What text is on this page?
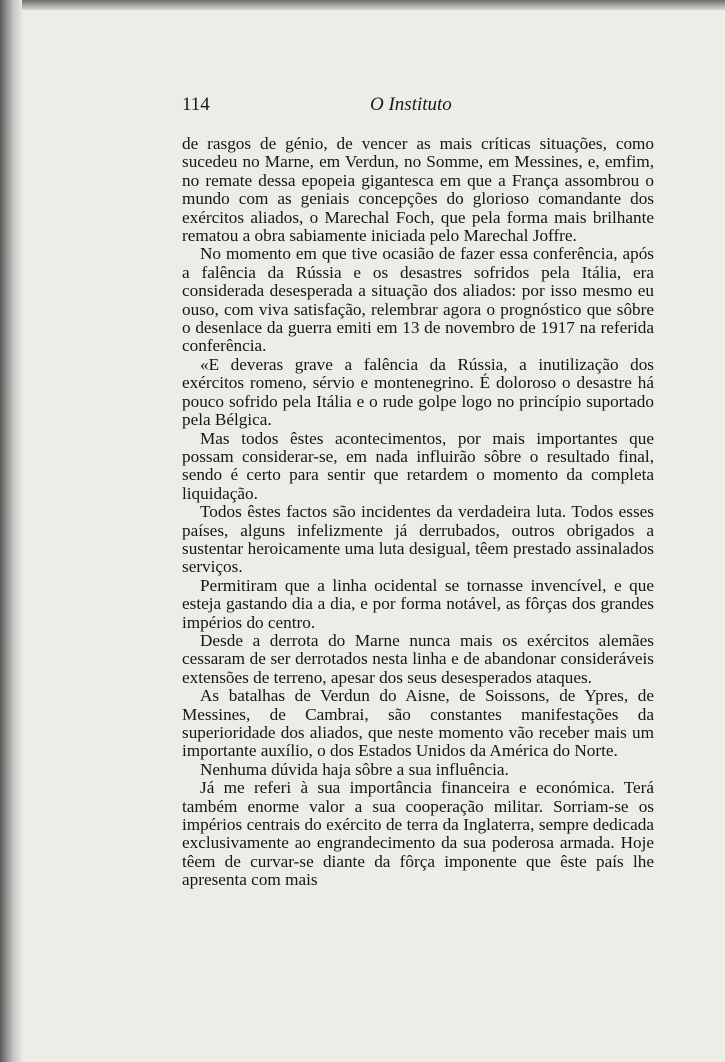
114	O Instituto

de rasgos de génio, de vencer as mais críticas situações, como sucedeu no Marne, em Verdun, no Somme, em Messines, e, emfim, no remate dessa epopeia gigantesca em que a França assombrou o mundo com as geniais concepções do glorioso comandante dos exércitos aliados, o Marechal Foch, que pela forma mais brilhante rematou a obra sabiamente iniciada pelo Marechal Joffre.

No momento em que tive ocasião de fazer essa conferência, após a falência da Rússia e os desastres sofridos pela Itália, era considerada desesperada a situação dos aliados: por isso mesmo eu ouso, com viva satisfação, relembrar agora o prognóstico que sôbre o desenlace da guerra emiti em 13 de novembro de 1917 na referida conferência.

«E deveras grave a falência da Rússia, a inutilização dos exércitos romeno, sérvio e montenegrino. É doloroso o desastre há pouco sofrido pela Itália e o rude golpe logo no princípio suportado pela Bélgica.

Mas todos êstes acontecimentos, por mais importantes que possam considerar-se, em nada influirão sôbre o resultado final, sendo é certo para sentir que retardem o momento da completa liquidação.

Todos êstes factos são incidentes da verdadeira luta. Todos esses países, alguns infelizmente já derrubados, outros obrigados a sustentar heroicamente uma luta desigual, têem prestado assinalados serviços.

Permitiram que a linha ocidental se tornasse invencível, e que esteja gastando dia a dia, e por forma notável, as fôrças dos grandes impérios do centro.

Desde a derrota do Marne nunca mais os exércitos alemães cessaram de ser derrotados nesta linha e de abandonar consideráveis extensões de terreno, apesar dos seus desesperados ataques.

As batalhas de Verdun do Aisne, de Soissons, de Ypres, de Messines, de Cambrai, são constantes manifestações da superioridade dos aliados, que neste momento vão receber mais um importante auxílio, o dos Estados Unidos da América do Norte.

Nenhuma dúvida haja sôbre a sua influência.

Já me referi à sua importância financeira e económica. Terá também enorme valor a sua cooperação militar. Sorriam-se os impérios centrais do exército de terra da Inglaterra, sempre dedicada exclusivamente ao engrandecimento da sua poderosa armada. Hoje têem de curvar-se diante da fôrça imponente que êste país lhe apresenta com mais
